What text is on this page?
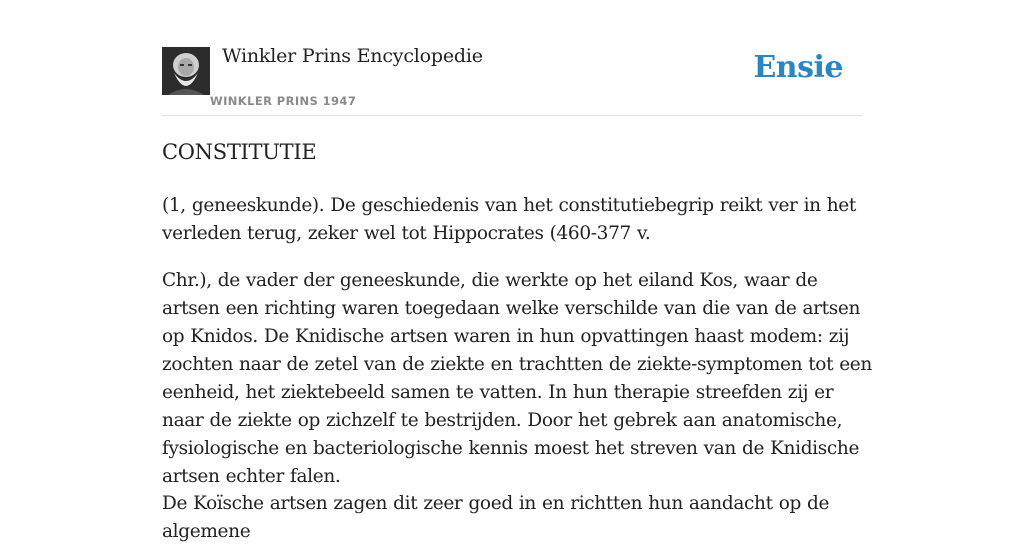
Winkler Prins Encyclopedie
WINKLER PRINS 1947
Ensie
CONSTITUTIE

(1, geneeskunde). De geschiedenis van het constitutiebegrip reikt ver in het verleden terug, zeker wel tot Hippocrates (460-377 v.

Chr.), de vader der geneeskunde, die werkte op het eiland Kos, waar de artsen een richting waren toegedaan welke verschilde van die van de artsen op Knidos. De Knidische artsen waren in hun opvattingen haast modem: zij zochten naar de zetel van de ziekte en trachtten de ziekte-symptomen tot een eenheid, het ziektebeeld samen te vatten. In hun therapie streefden zij er naar de ziekte op zichzelf te bestrijden. Door het gebrek aan anatomische, fysiologische en bacteriologische kennis moest het streven van de Knidische artsen echter falen.

De Koïsche artsen zagen dit zeer goed in en richtten hun aandacht op de algemene
